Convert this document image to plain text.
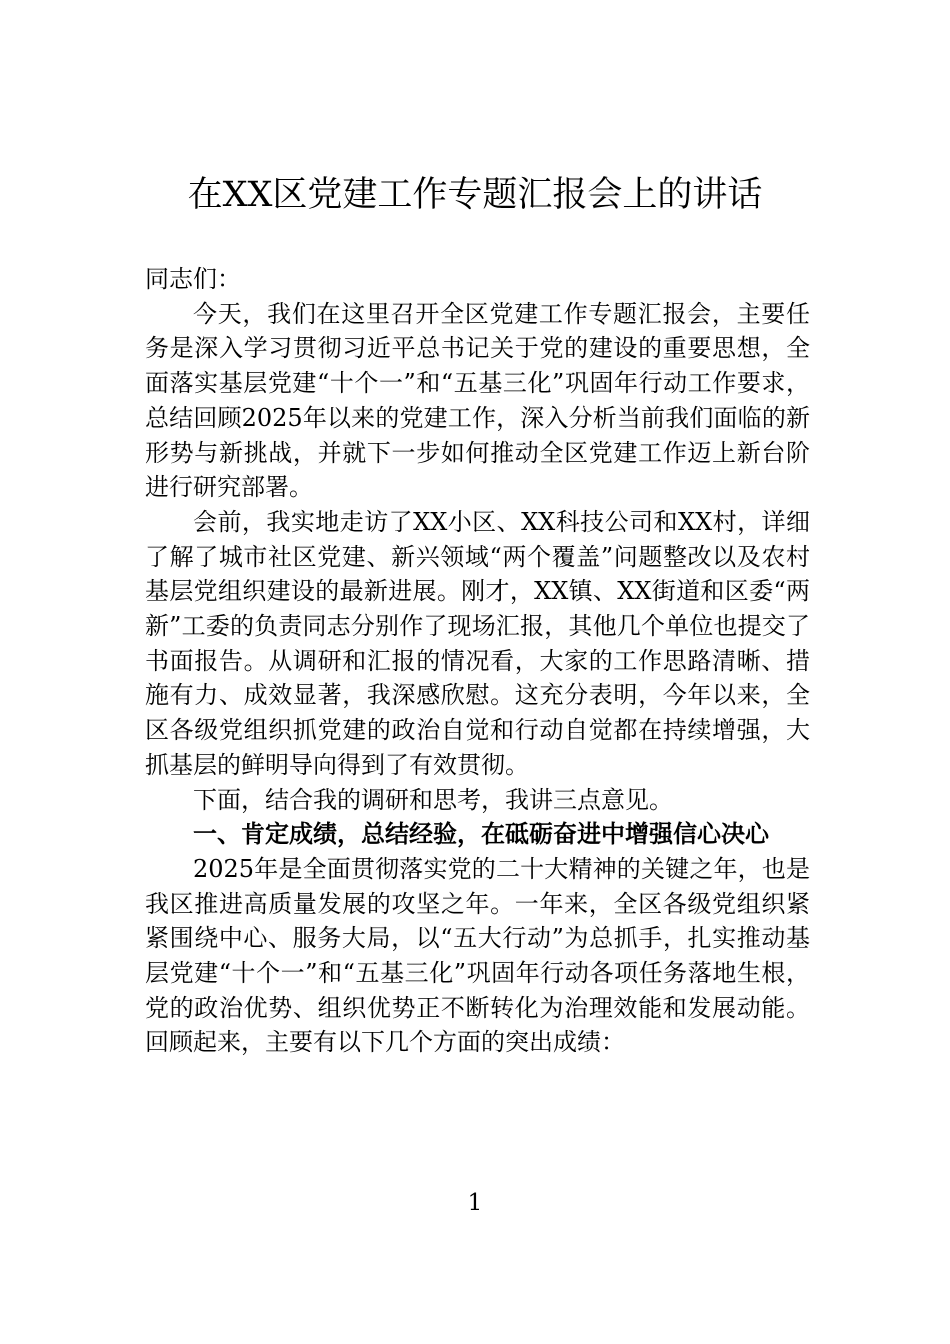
在XX区党建工作专题汇报会上的讲话

同志们：

今天，我们在这里召开全区党建工作专题汇报会，主要任务是深入学习贯彻习近平总书记关于党的建设的重要思想，全面落实基层党建“十个一”和“五基三化”巩固年行动工作要求，总结回顾2025年以来的党建工作，深入分析当前我们面临的新形势与新挑战，并就下一步如何推动全区党建工作迈上新台阶进行研究部署。

会前，我实地走访了XX小区、XX科技公司和XX村，详细了解了城市社区党建、新兴领域“两个覆盖”问题整改以及农村基层党组织建设的最新进展。刚才，XX镇、XX街道和区委“两新”工委的负责同志分别作了现场汇报，其他几个单位也提交了书面报告。从调研和汇报的情况看，大家的工作思路清晰、措施有力、成效显著，我深感欣慰。这充分表明，今年以来，全区各级党组织抓党建的政治自觉和行动自觉都在持续增强，大抓基层的鲜明导向得到了有效贯彻。

下面，结合我的调研和思考，我讲三点意见。

一、肯定成绩，总结经验，在砥砺奋进中增强信心决心

2025年是全面贯彻落实党的二十大精神的关键之年，也是我区推进高质量发展的攻坚之年。一年来，全区各级党组织紧紧围绕中心、服务大局，以“五大行动”为总抓手，扎实推动基层党建“十个一”和“五基三化”巩固年行动各项任务落地生根，党的政治优势、组织优势正不断转化为治理效能和发展动能。回顾起来，主要有以下几个方面的突出成绩：

1
